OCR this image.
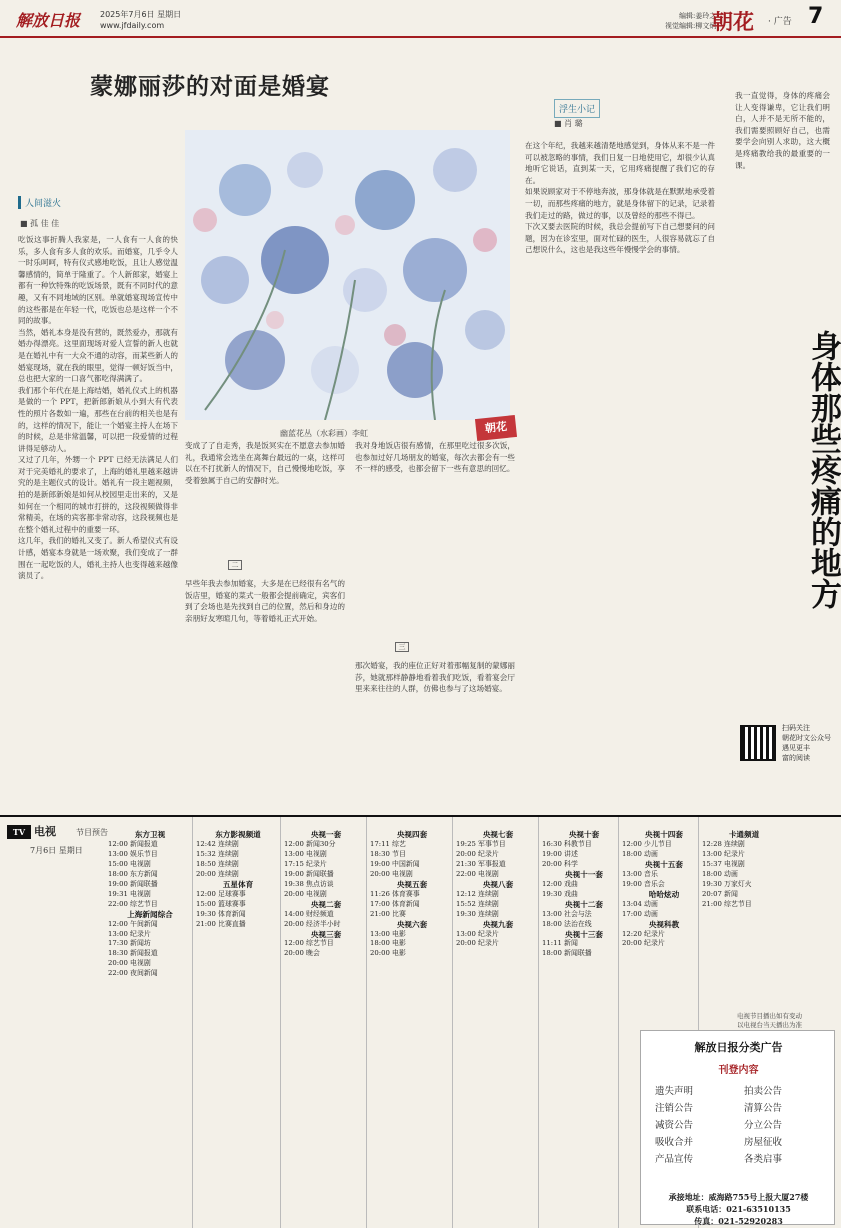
解放日报 2025年7月6日 星期日
www.jfdaily.com
编辑:姜玲之
视觉编辑:柳文炳
朝花 · 广告 7
蒙娜丽莎的对面是婚宴
人间滋火
■ 孤 佳 佳

吃饭这事折腾人我家是，一人食有一人食的快乐，多人食有多人食的欢乐。而婚宴，几乎令人一时乐呵呵，特有仪式感地吃饭，且让人感觉温馨感情的，简单于隆重了。个人新郎家，婚宴上都有一种饮特殊的吃饭场景，既有不同时代的意趣，又有不同地域的区别。单就婚宴现场宣传中的这些都是在年轻一代，吃饭也总是这样一个不同的故事。

当然，婚礼本身是没有营的，既然爱办，那就有婚办得漂亮。这里面现场对爱人宣誓的新人也就是在婚礼中有一大众不通的动容，而某些新人的婚宴现场，就在我的眼里，觉得一顿好饭当中，总也把大家的一口喜气都吃得满满了。

我们那个年代在是上海结婚，婚礼仪式上的机器是做的一个 PPT，把新郎新娘从小到大有代表性的照片各数如一遍，那些在台前的相关也是有的，这样的情况下，能让一个婚宴主持人在场下的时候，总是非常温馨，可以把一段爱情的过程讲得足够动人。

又过了几年，外甥一个 PPT 已经无法满足人们对于完美婚礼的要求了，上海的婚礼里越来越讲究的是主题仪式的设计。婚礼有一段主题视频，拍的是新郎新娘是如何从校园里走出来的，又是如何在一个相同的城市打拼的，这段视频做得非常精美，在场的宾客都非常动容，这段视频也是在整个婚礼过程中的重要一环。

这几年，我们的婚礼又变了。新人希望仪式有设计感，婚宴本身就是一场欢聚，我们变成了一群围在一起吃饭的人，婚礼主持人也变得越来越像演员了。

幽蓝花丛（水彩画）李虹	朝花

变成了了自走秀，我是饭冥实在不愿意去参加婚礼，我通常会选坐在离舞台最远的一桌，这样可以在不打扰新人的情况下，自己慢慢地吃饭，享受着独属于自己的安静时光。

二

早些年我去参加婚宴，大多是在已经很有名气的饭店里，婚宴的菜式一般都会提前确定，宾客们到了会场也是先找到自己的位置，然后和身边的亲朋好友寒暄几句，等着婚礼正式开始。

我对身地饭店很有感情，在那里吃过很多次饭，也参加过好几场朋友的婚宴，每次去都会有一些不一样的感受，也都会留下一些有意思的回忆。

三

那次婚宴，我的座位正好对着那幅复制的蒙娜丽莎，她就那样静静地看着我们吃饭，看着宴会厅里来来往往的人群，仿佛也参与了这场婚宴。

浮生小记
■ 肖 璐

在这个年纪，我越来越清楚地感觉到，身体从来不是一件可以被忽略的事情，我们日复一日地使用它，却很少认真地听它说话，直到某一天，它用疼痛提醒了我们它的存在。

如果说顾家对于不停地奔波，那身体就是在默默地承受着一切，而那些疼痛的地方，就是身体留下的记录，记录着我们走过的路，做过的事，以及曾经的那些不得已。

下次又要去医院的时候，我总会提前写下自己想要问的问题，因为在诊室里，面对忙碌的医生，人很容易就忘了自己想说什么，这也是我这些年慢慢学会的事情。

我一直觉得，身体的疼痛会让人变得谦卑，它让我们明白，人并不是无所不能的，我们需要照顾好自己，也需要学会向别人求助，这大概是疼痛教给我的最重要的一课。

身体那些疼痛的地方
扫码关注
朝花时文公众号
遇见更丰
富的阅读
TV 电视	节目预告
7月6日 星期日
东方卫视
12:00 新闻报道
13:00 娱乐节目
15:00 电视剧
18:00 东方新闻
19:00 新闻联播
19:31 电视剧
22:00 综艺节目
上海新闻综合
12:00 午间新闻
13:00 纪录片
17:30 新闻坊
18:30 新闻报道
20:00 电视剧
22:00 夜间新闻
东方影视频道
12:42 连续剧
15:32 连续剧
18:50 连续剧
20:00 连续剧
五星体育
12:00 足球赛事
15:00 篮球赛事
19:30 体育新闻
21:00 比赛直播
央视一套
12:00 新闻30分
13:00 电视剧
17:15 纪录片
19:00 新闻联播
19:38 焦点访谈
20:00 电视剧
央视二套
14:00 财经频道
20:00 经济半小时
央视三套
12:00 综艺节目
20:00 晚会
央视四套
17:11 综艺
18:30 节目
19:00 中国新闻
20:00 电视剧
央视五套
11:26 体育赛事
17:00 体育新闻
21:00 比赛
央视六套
13:00 电影
18:00 电影
20:00 电影
央视七套
19:25 军事节目
20:00 纪录片
21:30 军事报道
22:00 电视剧
央视八套
12:12 连续剧
15:52 连续剧
19:30 连续剧
央视九套
13:00 纪录片
20:00 纪录片
央视十套
16:30 科教节目
19:00 讲述
20:00 科学
央视十一套
12:00 戏曲
19:30 戏曲
央视十二套
13:00 社会与法
18:00 法治在线
央视十三套
11:11 新闻
18:00 新闻联播
央视十四套
12:00 少儿节目
18:00 动画
央视十五套
13:00 音乐
19:00 音乐会
哈哈炫动
13:04 动画
17:00 动画
央视科教
12:20 纪录片
20:00 纪录片
卡通频道
12:28 连续剧
13:00 纪录片
15:37 电视剧
18:00 动画
19:30 万家灯火
20:07 新闻
21:00 综艺节目
电视节目播出如有变动
以电视台当天播出为准
解放日报分类广告
刊登内容
遗失声明	拍卖公告
注销公告	清算公告
减资公告	分立公告
吸收合并	房屋征收
产品宣传	各类启事
承接地址：威海路755号上报大厦27楼
联系电话：021-63510135
传真：021-52920283
